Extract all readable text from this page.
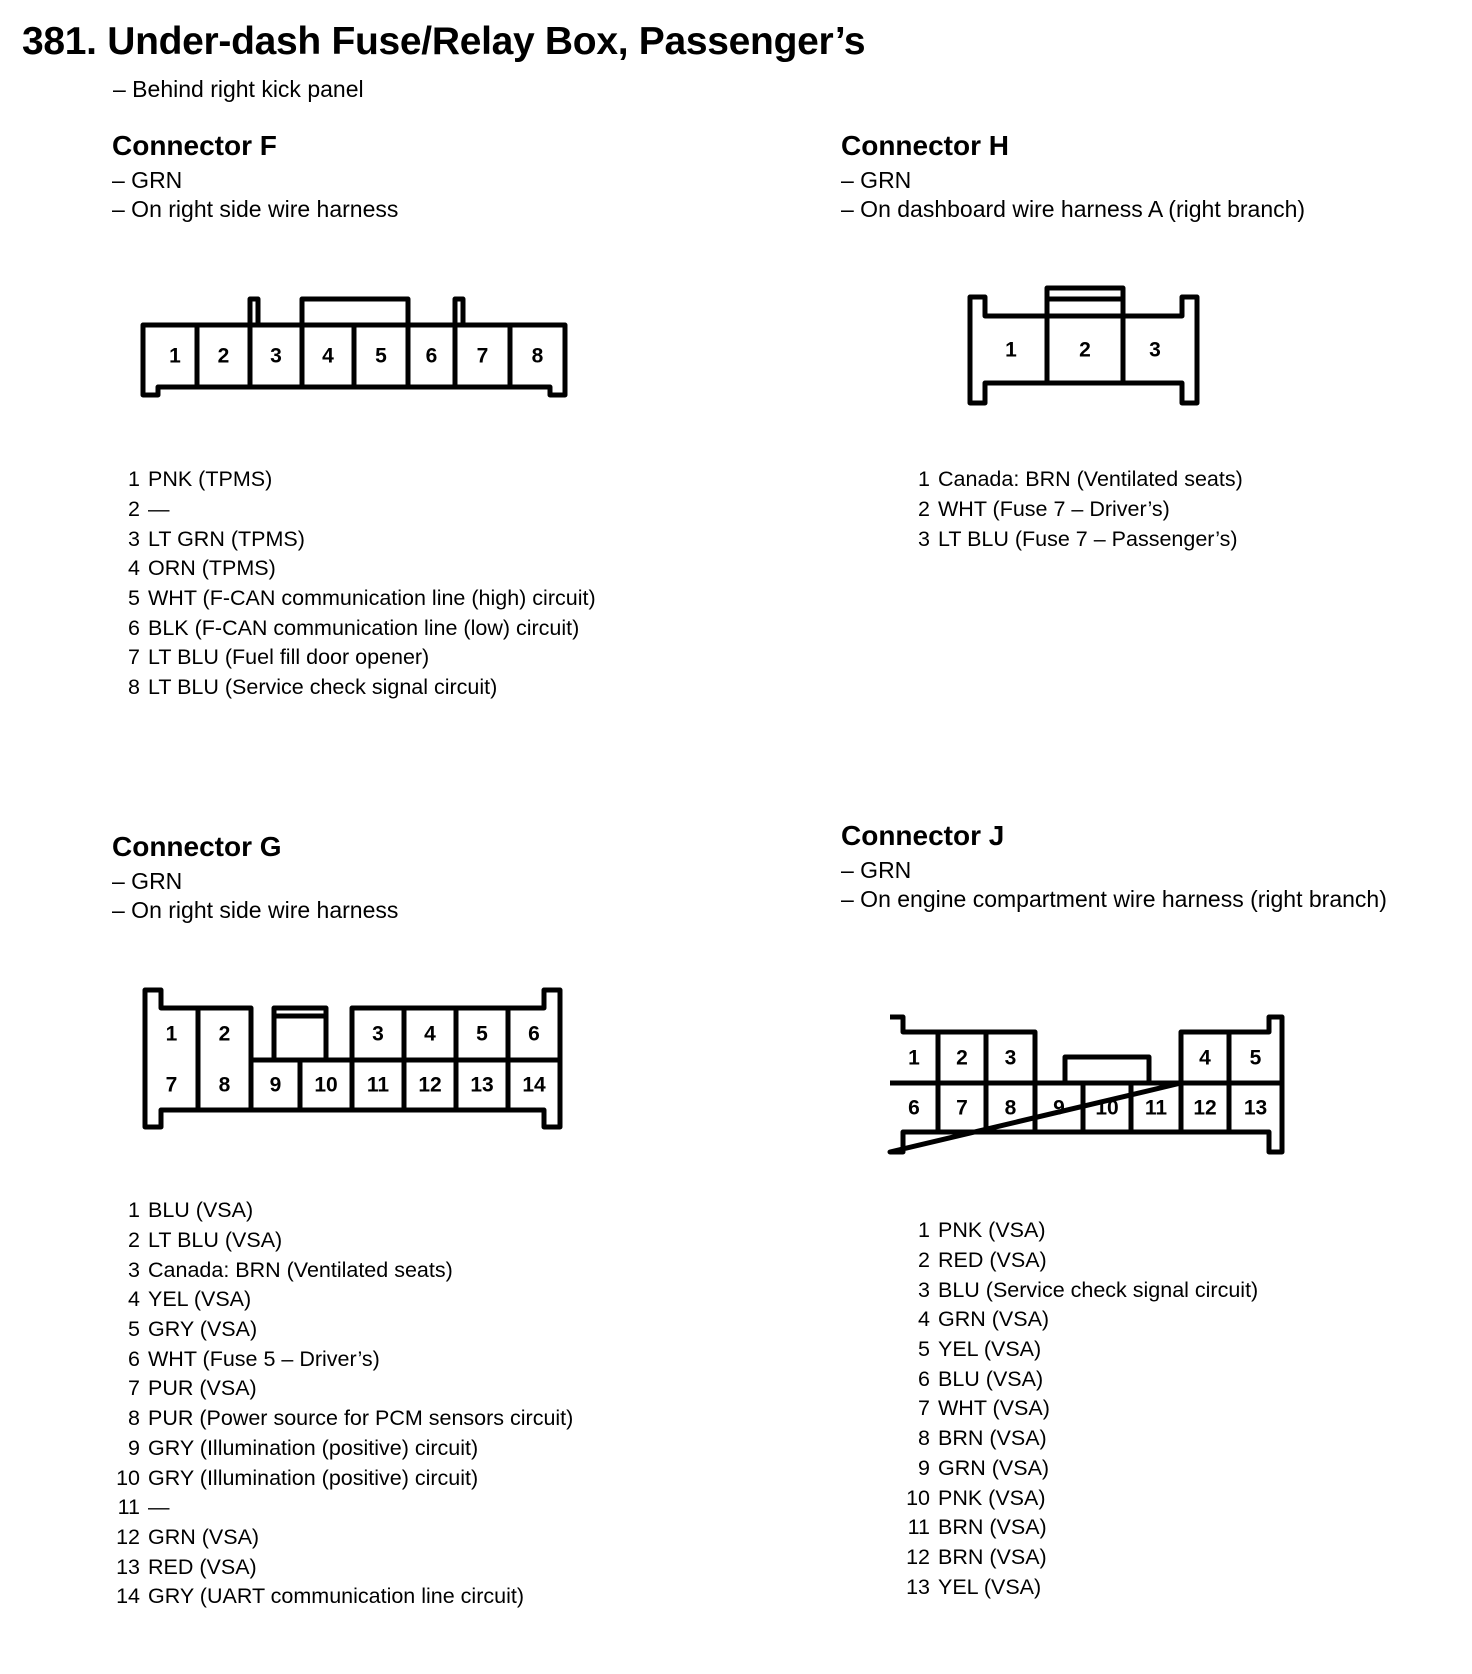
381. Under-dash Fuse/Relay Box, Passenger’s
– Behind right kick panel
Connector F
– GRN
– On right side wire harness
Connector H
– GRN
– On dashboard wire harness A (right branch)
Connector G
– GRN
– On right side wire harness
Connector J
– GRN
– On engine compartment wire harness (right branch)
1 2 3 4 5 6 7 8	1	2	3
1 2	3 4 5 6
7 8 9 10 11 12 13 14
1 2 3	4 5
6 7 8 9 10 11 12 13
1 PNK (TPMS)
2 —
3 LT GRN (TPMS)
4 ORN (TPMS)
5 WHT (F-CAN communication line (high) circuit)
6 BLK (F-CAN communication line (low) circuit)
7 LT BLU (Fuel fill door opener)
8 LT BLU (Service check signal circuit)
1 Canada: BRN (Ventilated seats)
2 WHT (Fuse 7 – Driver’s)
3 LT BLU (Fuse 7 – Passenger’s)
1 BLU (VSA)
2 LT BLU (VSA)
3 Canada: BRN (Ventilated seats)
4 YEL (VSA)
5 GRY (VSA)
6 WHT (Fuse 5 – Driver’s)
7 PUR (VSA)
8 PUR (Power source for PCM sensors circuit)
9 GRY (Illumination (positive) circuit)
10 GRY (Illumination (positive) circuit)
11 —
12 GRN (VSA)
13 RED (VSA)
14 GRY (UART communication line circuit)
1 PNK (VSA)
2 RED (VSA)
3 BLU (Service check signal circuit)
4 GRN (VSA)
5 YEL (VSA)
6 BLU (VSA)
7 WHT (VSA)
8 BRN (VSA)
9 GRN (VSA)
10 PNK (VSA)
11 BRN (VSA)
12 BRN (VSA)
13 YEL (VSA)
